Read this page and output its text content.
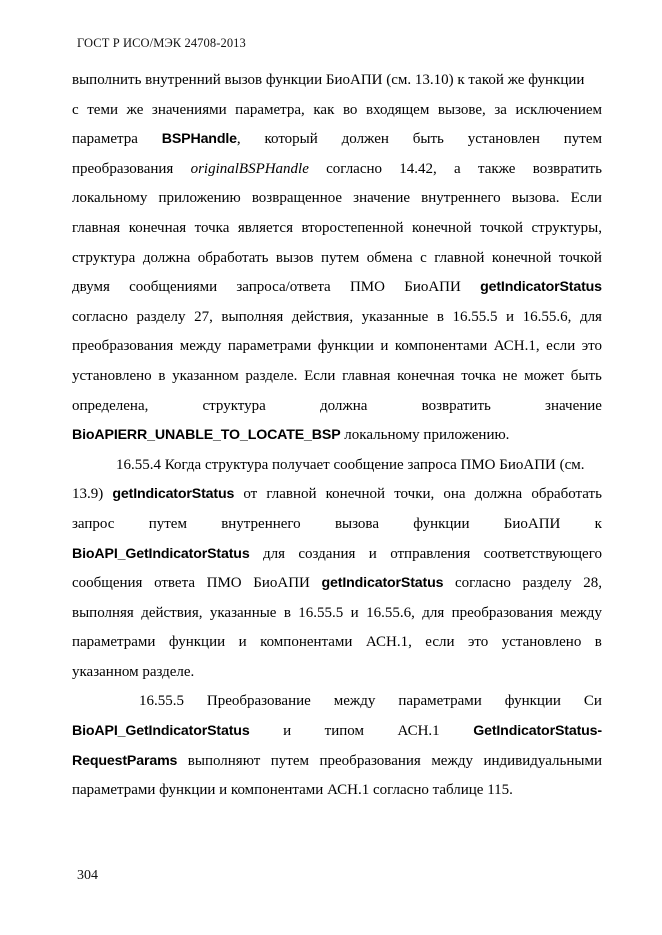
ГОСТ Р ИСО/МЭК 24708-2013
выполнить внутренний вызов функции БиоАПИ (см. 13.10) к такой же функции
с теми же значениями параметра, как во входящем вызове, за исключением
параметра BSPHandle, который должен быть установлен путем
преобразования originalBSPHandle согласно 14.42, а также возвратить
локальному приложению возвращенное значение внутреннего вызова. Если
главная конечная точка является второстепенной конечной точкой структуры,
структура должна обработать вызов путем обмена с главной конечной точкой
двумя сообщениями запроса/ответа ПМО БиоАПИ getIndicatorStatus
согласно разделу 27, выполняя действия, указанные в 16.55.5 и 16.55.6, для
преобразования между параметрами функции и компонентами АСН.1, если это
установлено в указанном разделе. Если главная конечная точка не может быть
определена,	структура	должна	возвратить	значение
BioAPIERR_UNABLE_TO_LOCATE_BSP локальному приложению.
16.55.4 Когда структура получает сообщение запроса ПМО БиоАПИ (см.
13.9) getIndicatorStatus от главной конечной точки, она должна обработать
запрос путем внутреннего вызова функции БиоАПИ к
BioAPI_GetIndicatorStatus для создания и отправления соответствующего
сообщения ответа ПМО БиоАПИ getIndicatorStatus согласно разделу 28,
выполняя действия, указанные в 16.55.5 и 16.55.6, для преобразования между
параметрами функции и компонентами АСН.1, если это установлено в
указанном разделе.
16.55.5 Преобразование между параметрами функции Си
BioAPI_GetIndicatorStatus и типом АСН.1 GetIndicatorStatus-
RequestParams выполняют путем преобразования между индивидуальными
параметрами функции и компонентами АСН.1 согласно таблице 115.
304
